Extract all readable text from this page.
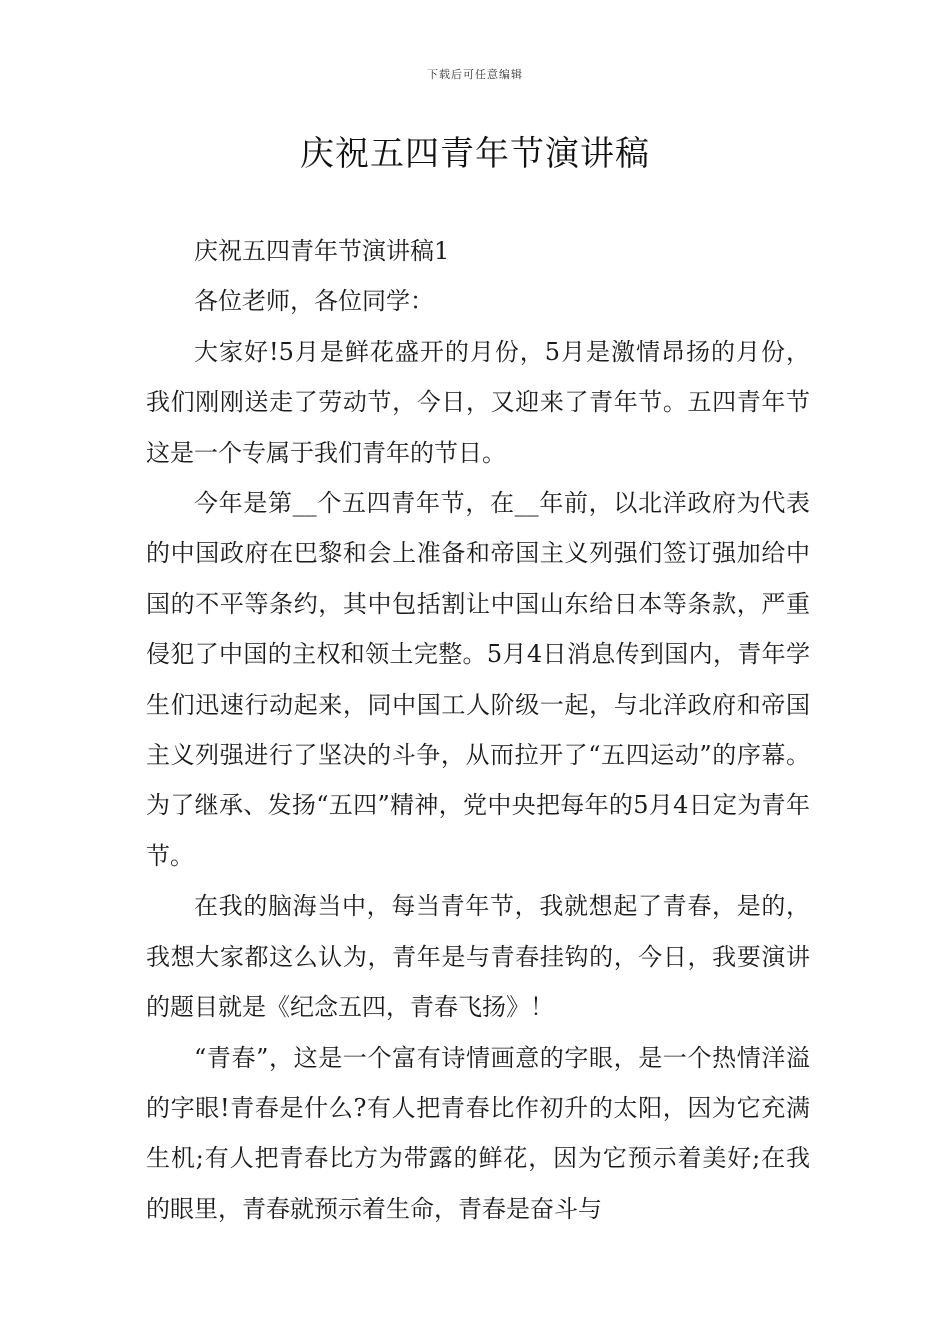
下载后可任意编辑
庆祝五四青年节演讲稿

庆祝五四青年节演讲稿1

各位老师，各位同学：

大家好!5月是鲜花盛开的月份，5月是激情昂扬的月份，我们刚刚送走了劳动节，今日，又迎来了青年节。五四青年节这是一个专属于我们青年的节日。

今年是第__个五四青年节，在__年前，以北洋政府为代表的中国政府在巴黎和会上准备和帝国主义列强们签订强加给中国的不平等条约，其中包括割让中国山东给日本等条款，严重侵犯了中国的主权和领土完整。5月4日消息传到国内，青年学生们迅速行动起来，同中国工人阶级一起，与北洋政府和帝国主义列强进行了坚决的斗争，从而拉开了“五四运动”的序幕。为了继承、发扬“五四”精神，党中央把每年的5月4日定为青年节。

在我的脑海当中，每当青年节，我就想起了青春，是的，我想大家都这么认为，青年是与青春挂钩的，今日，我要演讲的题目就是《纪念五四，青春飞扬》！

“青春”，这是一个富有诗情画意的字眼，是一个热情洋溢的字眼!青春是什么?有人把青春比作初升的太阳，因为它充满生机;有人把青春比方为带露的鲜花，因为它预示着美好;在我的眼里，青春就预示着生命，青春是奋斗与
